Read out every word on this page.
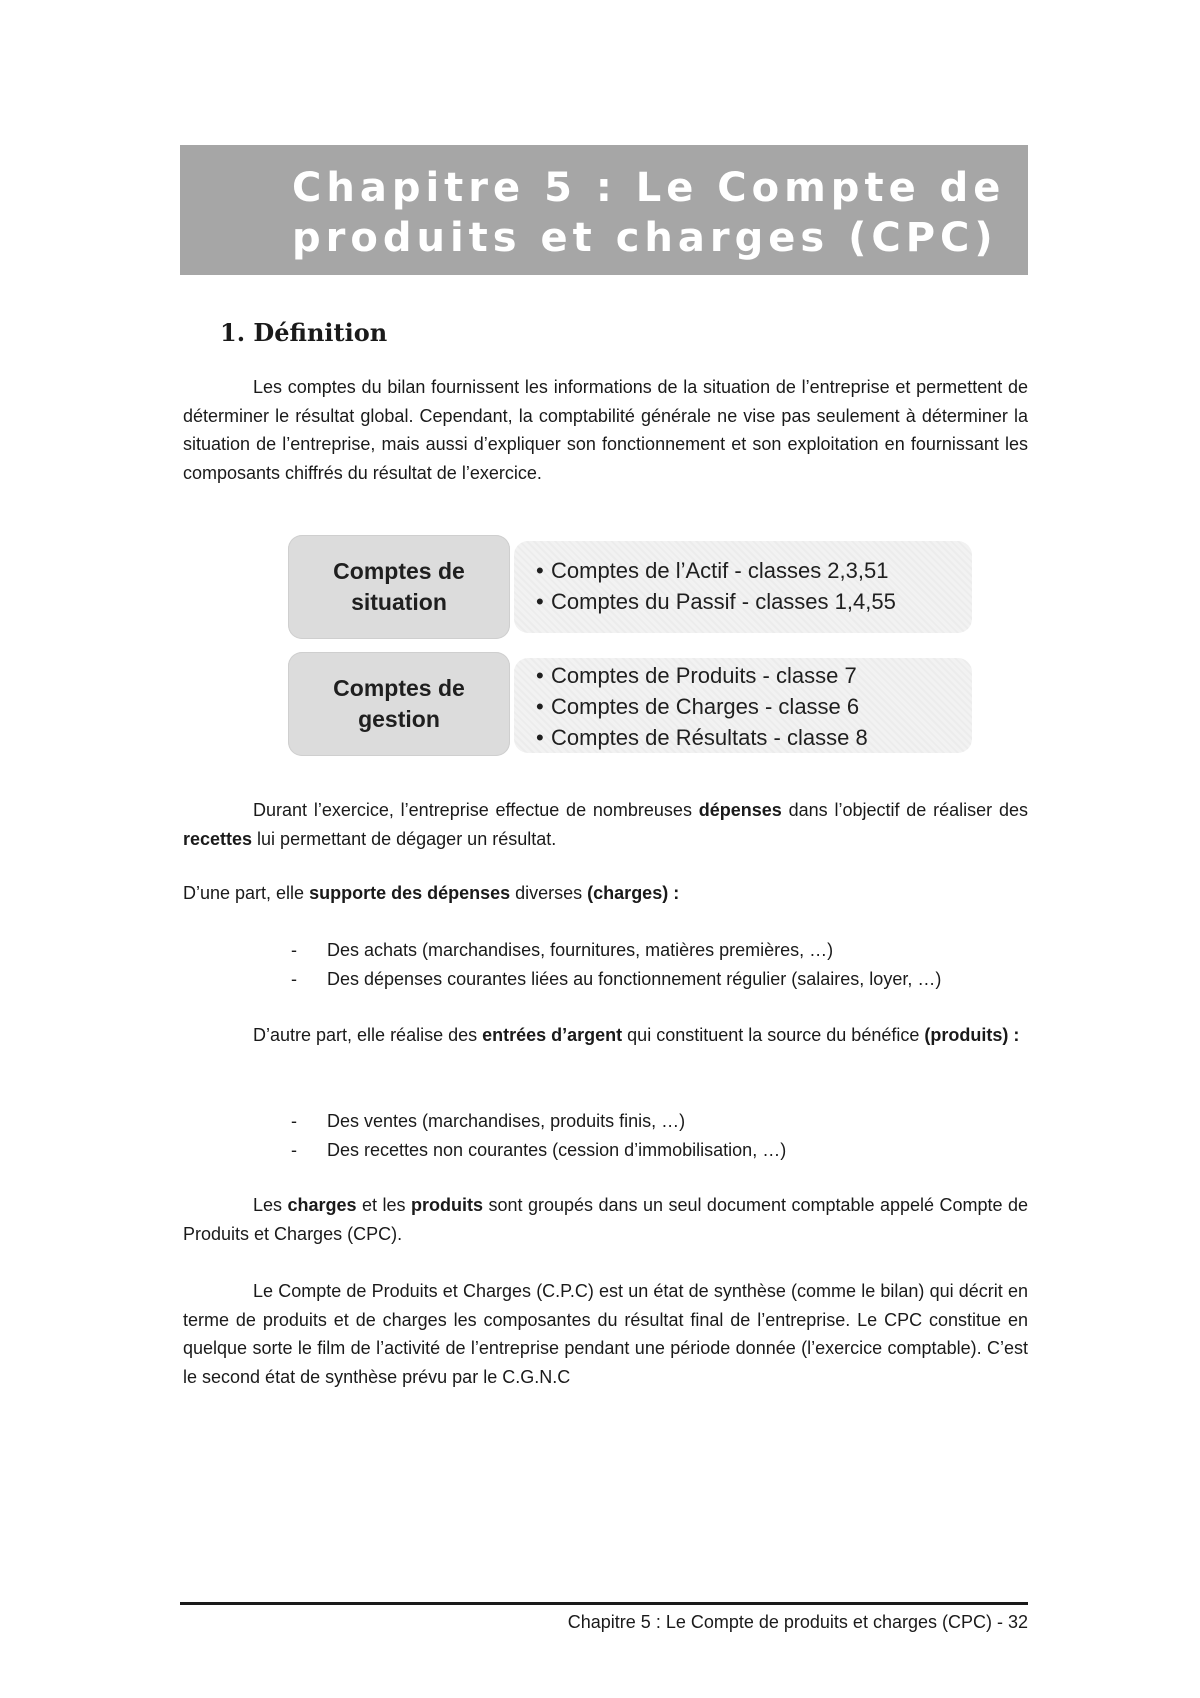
Chapitre 5 : Le Compte de
produits et charges (CPC)
1. Définition

Les comptes du bilan fournissent les informations de la situation de l’entreprise et permettent de déterminer le résultat global. Cependant, la comptabilité générale ne vise pas seulement à déterminer la situation de l’entreprise, mais aussi d’expliquer son fonctionnement et son exploitation en fournissant les composants chiffrés du résultat de l’exercice.

Comptes de
situation
• Comptes de l’Actif - classes 2,3,51
• Comptes du Passif - classes 1,4,55
Comptes de
gestion
• Comptes de Produits - classe 7
• Comptes de Charges - classe 6
• Comptes de Résultats - classe 8

Durant l’exercice, l’entreprise effectue de nombreuses dépenses dans l’objectif de réaliser des recettes lui permettant de dégager un résultat.

D’une part, elle supporte des dépenses diverses (charges) :

- Des achats (marchandises, fournitures, matières premières, …)
- Des dépenses courantes liées au fonctionnement régulier (salaires, loyer, …)

D’autre part, elle réalise des entrées d’argent qui constituent la source du bénéfice (produits) :

- Des ventes (marchandises, produits finis, …)
- Des recettes non courantes (cession d’immobilisation, …)

Les charges et les produits sont groupés dans un seul document comptable appelé Compte de Produits et Charges (CPC).

Le Compte de Produits et Charges (C.P.C) est un état de synthèse (comme le bilan) qui décrit en terme de produits et de charges les composantes du résultat final de l’entreprise. Le CPC constitue en quelque sorte le film de l’activité de l’entreprise pendant une période donnée (l’exercice comptable). C’est le second état de synthèse prévu par le C.G.N.C

Chapitre 5 : Le Compte de produits et charges (CPC) - 32
